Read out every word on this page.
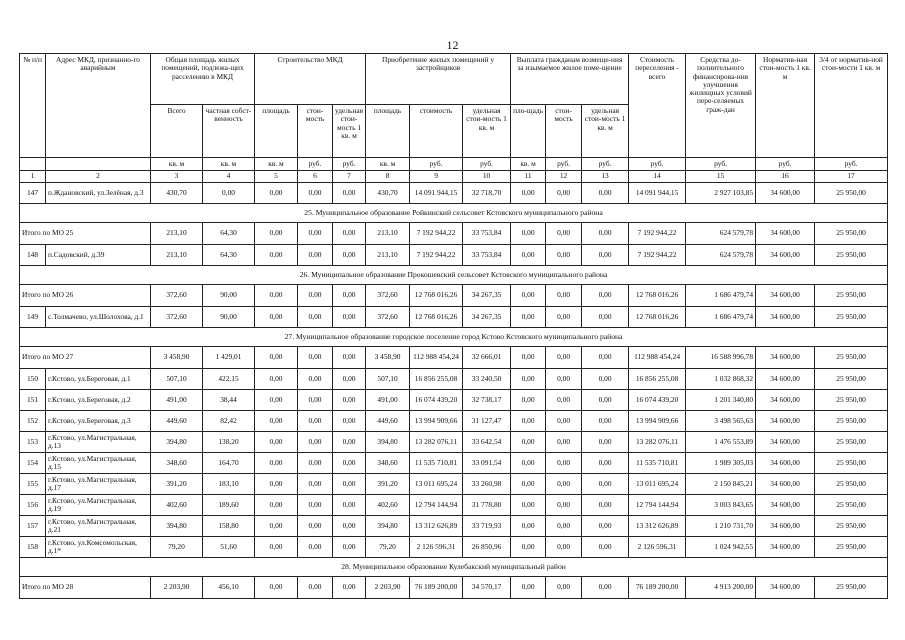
12
№ п/п	Адрес МКД, признанно-го аварийным	Общая площадь жилых помещений, подлежа-щих расселению в МКД		Строительство МКД			Приобретение жилых помещений у застройщиков			Выплата гражданам возмеще-ния за изымаемое жилое поме-щение			Стоимость переселения - всего	Средства до-полнительного финансирова-ния улучшения жилищных условий пере-селяемых граж-дан	Норматив-ная стои-мость 1 кв. м	3/4 от норматив-ной стои-мости 1 кв. м
		Всего	частная собст-венность	площадь	стои-мость	удельная стои-мость 1 кв. м	площадь	стоимость	удельная стои-мость 1 кв. м	пло-щадь	стои-мость	удельная стои-мость 1 кв. м				
		кв. м	кв. м	кв. м	руб.	руб.	кв. м	руб.	руб.	кв. м	руб.	руб.	руб.	руб.	руб.	руб.
1	2	3	4	5	6	7	8	9	10	11	12	13	14	15	16	17
147	п.Ждановский, ул.Зелёная, д.3	430,70	0,00	0,00	0,00	0,00	430,70	14 091 944,15	32 718,70	0,00	0,00	0,00	14 091 944,15	2 927 103,85	34 600,00	25 950,00
25. Муниципальное образование Ройкинский сельсовет Кстовского муниципального района																
Итого по МО 25		213,10	64,30	0,00	0,00	0,00	213,10	7 192 944,22	33 753,84	0,00	0,00	0,00	7 192 944,22	624 579,78	34 600,00	25 950,00
148	п.Садовский, д.39	213,10	64,30	0,00	0,00	0,00	213,10	7 192 944,22	33 753,84	0,00	0,00	0,00	7 192 944,22	624 579,78	34 600,00	25 950,00
26. Муниципальное образование Прокошевский сельсовет Кстовского муниципального района																
Итого по МО 26		372,60	90,00	0,00	0,00	0,00	372,60	12 768 016,26	34 267,35	0,00	0,00	0,00	12 768 016,26	1 686 479,74	34 600,00	25 950,00
149	с.Толмачево, ул.Шолохова, д.1	372,60	90,00	0,00	0,00	0,00	372,60	12 768 016,26	34 267,35	0,00	0,00	0,00	12 768 016,26	1 686 479,74	34 600,00	25 950,00
27. Муниципальное образование городское поселение город Кстово Кстовского муниципального района																
Итого по МО 27		3 458,90	1 429,01	0,00	0,00	0,00	3 458,90	112 988 454,24	32 666,01	0,00	0,00	0,00	112 988 454,24	16 588 996,78	34 600,00	25 950,00
150	г.Кстово, ул.Береговая, д.1	507,10	422,15	0,00	0,00	0,00	507,10	16 856 255,08	33 240,50	0,00	0,00	0,00	16 856 255,08	1 032 868,32	34 600,00	25 950,00
151	г.Кстово, ул.Береговая, д.2	491,00	38,44	0,00	0,00	0,00	491,00	16 074 439,20	32 738,17	0,00	0,00	0,00	16 074 439,20	1 201 340,80	34 600,00	25 950,00
152	г.Кстово, ул.Береговая, д.3	449,60	82,42	0,00	0,00	0,00	449,60	13 994 909,66	31 127,47	0,00	0,00	0,00	13 994 909,66	3 498 565,63	34 600,00	25 950,00
153	г.Кстово, ул.Магистральная, д.13	394,80	138,20	0,00	0,00	0,00	394,80	13 282 076,11	33 642,54	0,00	0,00	0,00	13 282 076,11	1 476 553,89	34 600,00	25 950,00
154	г.Кстово, ул.Магистральная, д.15	348,60	164,70	0,00	0,00	0,00	348,60	11 535 710,81	33 091,54	0,00	0,00	0,00	11 535 710,81	1 989 305,03	34 600,00	25 950,00
155	г.Кстово, ул.Магистральная, д.17	391,20	183,10	0,00	0,00	0,00	391,20	13 011 695,24	33 260,98	0,00	0,00	0,00	13 011 695,24	2 150 845,21	34 600,00	25 950,00
156	г.Кстово, ул.Магистральная, д.19	402,60	189,60	0,00	0,00	0,00	402,60	12 794 144,94	31 778,80	0,00	0,00	0,00	12 794 144,94	3 003 843,65	34 600,00	25 950,00
157	г.Кстово, ул.Магистральная, д.21	394,80	158,80	0,00	0,00	0,00	394,80	13 312 626,89	33 719,93	0,00	0,00	0,00	13 312 626,89	1 210 731,70	34 600,00	25 950,00
158	г.Кстово, ул.Комсомольская, д.1*	79,20	51,60	0,00	0,00	0,00	79,20	2 126 596,31	26 850,96	0,00	0,00	0,00	2 126 596,31	1 024 942,55	34 600,00	25 950,00
28. Муниципальное образование Кулебакский муниципальный район																
Итого по МО 28		2 203,90	456,10	0,00	0,00	0,00	2 203,90	76 189 200,00	34 570,17	0,00	0,00	0,00	76 189 200,00	4 913 200,00	34 600,00	25 950,00
